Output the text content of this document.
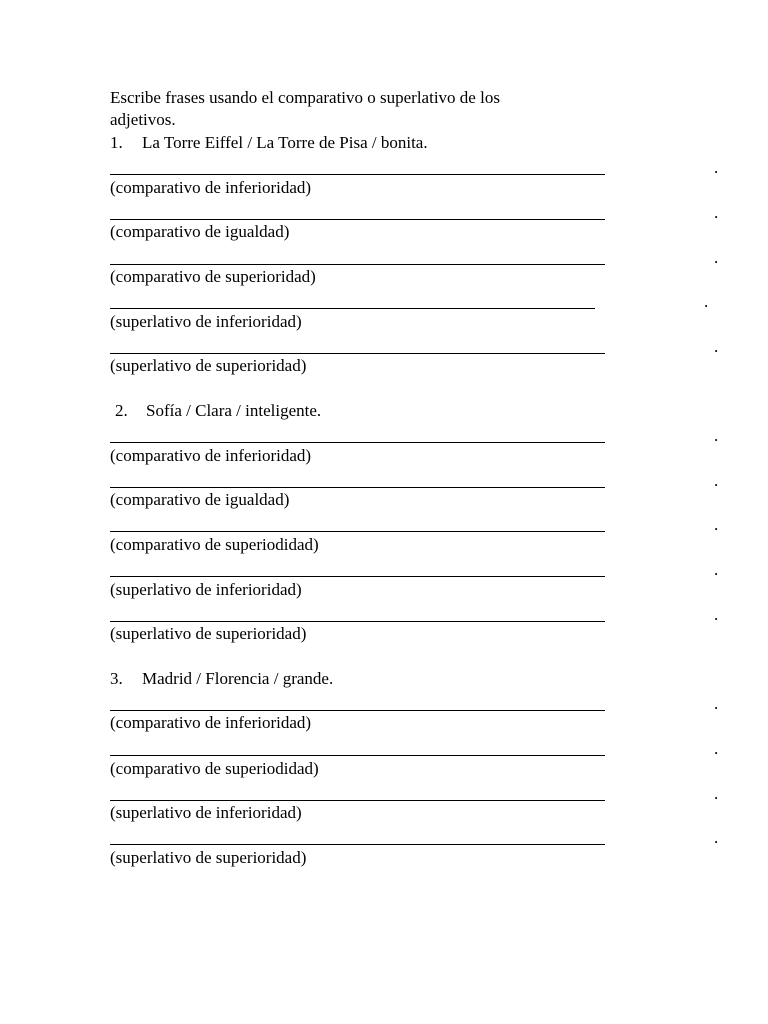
Escribe frases usando el comparativo o superlativo de los
adjetivos.
1. La Torre Eiffel / La Torre de Pisa / bonita.
.
(comparativo de inferioridad)
.
(comparativo de igualdad)
.
(comparativo de superioridad)
.
(superlativo de inferioridad)
.
(superlativo de superioridad)
2. Sofía / Clara / inteligente.
.
(comparativo de inferioridad)
.
(comparativo de igualdad)
.
(comparativo de superiodidad)
.
(superlativo de inferioridad)
.
(superlativo de superioridad)
3. Madrid / Florencia / grande.
.
(comparativo de inferioridad)
.
(comparativo de superiodidad)
.
(superlativo de inferioridad)
.
(superlativo de superioridad)
